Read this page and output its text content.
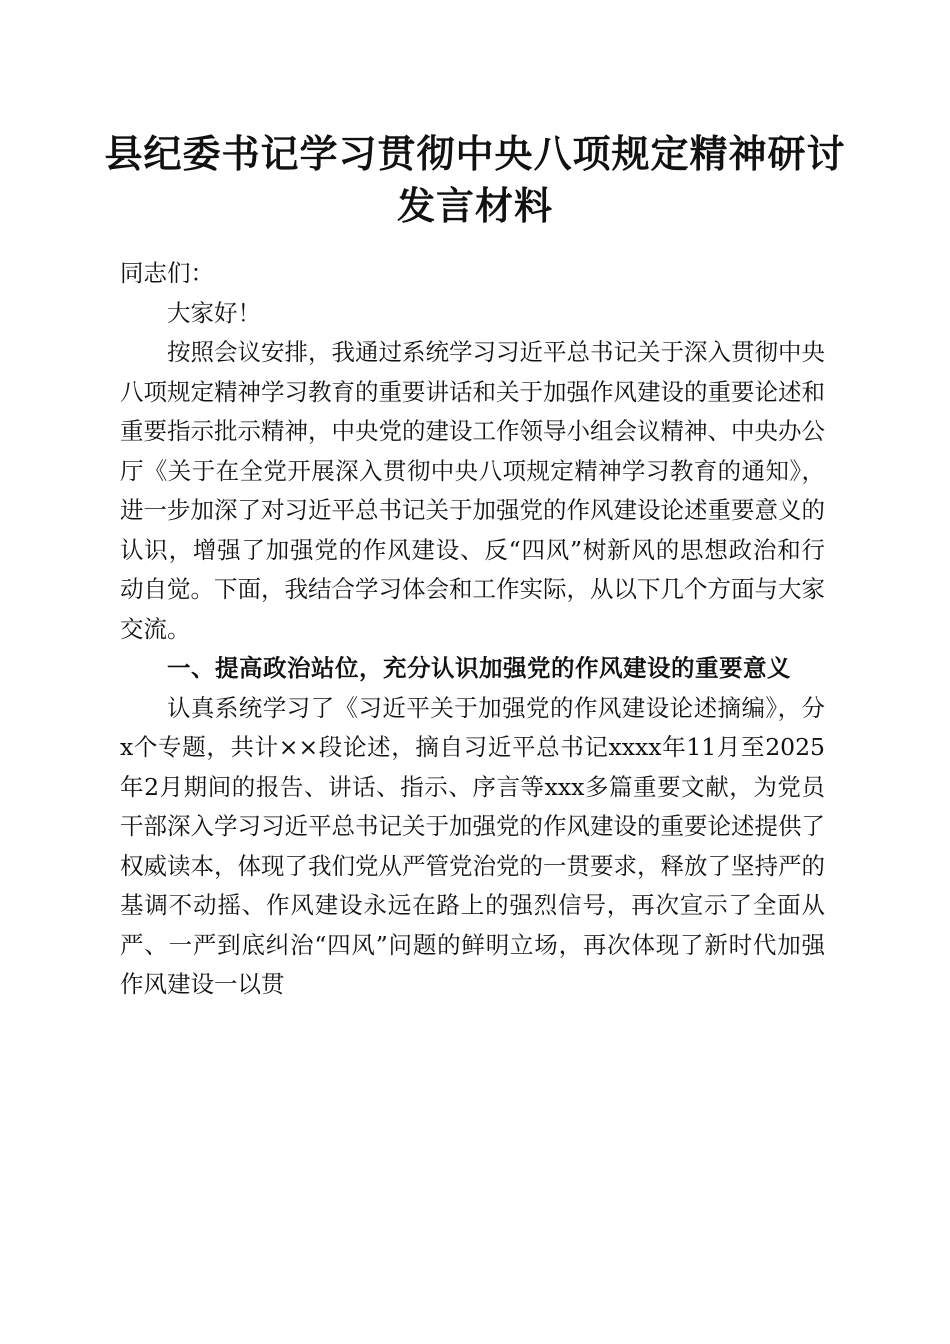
县纪委书记学习贯彻中央八项规定精神研讨发言材料

同志们：

大家好！

按照会议安排，我通过系统学习习近平总书记关于深入贯彻中央八项规定精神学习教育的重要讲话和关于加强作风建设的重要论述和重要指示批示精神，中央党的建设工作领导小组会议精神、中央办公厅《关于在全党开展深入贯彻中央八项规定精神学习教育的通知》，进一步加深了对习近平总书记关于加强党的作风建设论述重要意义的认识，增强了加强党的作风建设、反“四风”树新风的思想政治和行动自觉。下面，我结合学习体会和工作实际，从以下几个方面与大家交流。

一、提高政治站位，充分认识加强党的作风建设的重要意义

认真系统学习了《习近平关于加强党的作风建设论述摘编》，分x个专题，共计××段论述，摘自习近平总书记xxxx年11月至2025年2月期间的报告、讲话、指示、序言等xxx多篇重要文献，为党员干部深入学习习近平总书记关于加强党的作风建设的重要论述提供了权威读本，体现了我们党从严管党治党的一贯要求，释放了坚持严的基调不动摇、作风建设永远在路上的强烈信号，再次宣示了全面从严、一严到底纠治“四风”问题的鲜明立场，再次体现了新时代加强作风建设一以贯
